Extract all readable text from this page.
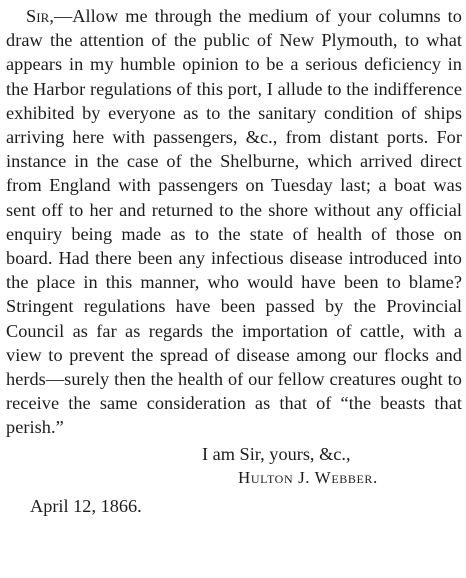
Sir,—Allow me through the medium of your columns to draw the attention of the public of New Plymouth, to what appears in my humble opinion to be a serious deficiency in the Harbor regulations of this port, I allude to the indifference exhibited by everyone as to the sanitary condition of ships arriving here with passengers, &c., from distant ports. For instance in the case of the Shelburne, which arrived direct from England with passengers on Tuesday last; a boat was sent off to her and returned to the shore without any official enquiry being made as to the state of health of those on board. Had there been any infectious disease introduced into the place in this manner, who would have been to blame? Stringent regulations have been passed by the Provincial Council as far as regards the importation of cattle, with a view to prevent the spread of disease among our flocks and herds—surely then the health of our fellow creatures ought to receive the same consideration as that of “the beasts that perish.”

I am Sir, yours, &c.,

Hulton J. Webber.

April 12, 1866.
